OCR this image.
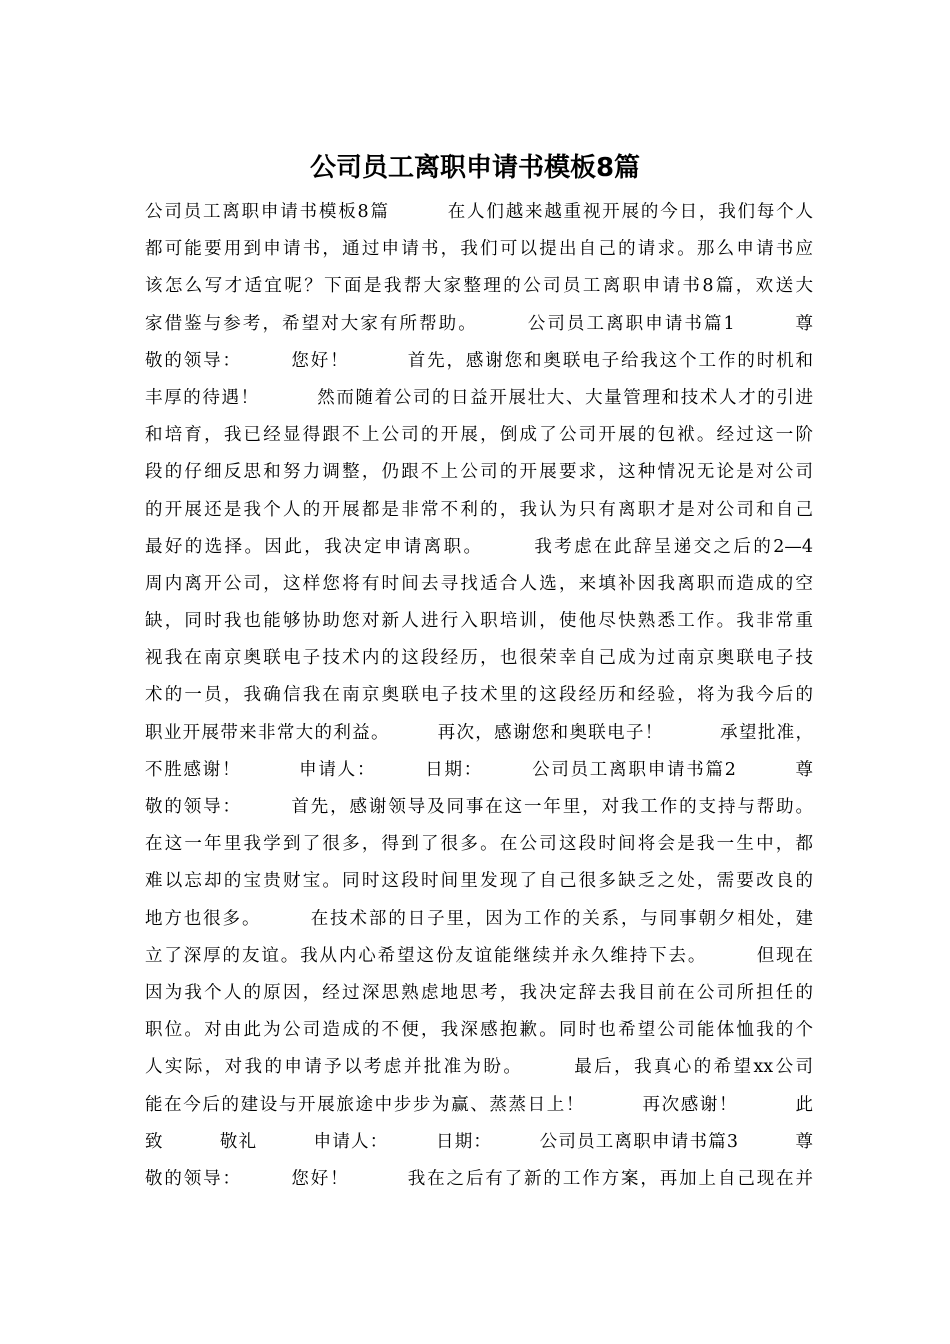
公司员工离职申请书模板8篇
公司员工离职申请书模板8篇　　　在人们越来越重视开展的今日，我们每个人
都可能要用到申请书，通过申请书，我们可以提出自己的请求。那么申请书应
该怎么写才适宜呢？下面是我帮大家整理的公司员工离职申请书8篇，欢送大
家借鉴与参考，希望对大家有所帮助。　　　公司员工离职申请书篇1　　　尊
敬的领导：　　　您好！　　　首先，感谢您和奥联电子给我这个工作的时机和
丰厚的待遇！　　　然而随着公司的日益开展壮大、大量管理和技术人才的引进
和培育，我已经显得跟不上公司的开展，倒成了公司开展的包袱。经过这一阶
段的仔细反思和努力调整，仍跟不上公司的开展要求，这种情况无论是对公司
的开展还是我个人的开展都是非常不利的，我认为只有离职才是对公司和自己
最好的选择。因此，我决定申请离职。　　　我考虑在此辞呈递交之后的2—4
周内离开公司，这样您将有时间去寻找适合人选，来填补因我离职而造成的空
缺，同时我也能够协助您对新人进行入职培训，使他尽快熟悉工作。我非常重
视我在南京奥联电子技术内的这段经历，也很荣幸自己成为过南京奥联电子技
术的一员，我确信我在南京奥联电子技术里的这段经历和经验，将为我今后的
职业开展带来非常大的利益。　　　再次，感谢您和奥联电子！　　　承望批准，
不胜感谢！　　　申请人：　　　日期：　　　公司员工离职申请书篇2　　　尊
敬的领导：　　　首先，感谢领导及同事在这一年里，对我工作的支持与帮助。
在这一年里我学到了很多，得到了很多。在公司这段时间将会是我一生中，都
难以忘却的宝贵财宝。同时这段时间里发现了自己很多缺乏之处，需要改良的
地方也很多。　　　在技术部的日子里，因为工作的关系，与同事朝夕相处，建
立了深厚的友谊。我从内心希望这份友谊能继续并永久维持下去。　　　但现在
因为我个人的原因，经过深思熟虑地思考，我决定辞去我目前在公司所担任的
职位。对由此为公司造成的不便，我深感抱歉。同时也希望公司能体恤我的个
人实际，对我的申请予以考虑并批准为盼。　　　最后，我真心的希望xx公司
能在今后的建设与开展旅途中步步为赢、蒸蒸日上！　　　再次感谢！　　　此
致　　　敬礼　　　申请人：　　　日期：　　　公司员工离职申请书篇3　　　尊
敬的领导：　　　您好！　　　我在之后有了新的工作方案，再加上自己现在并
